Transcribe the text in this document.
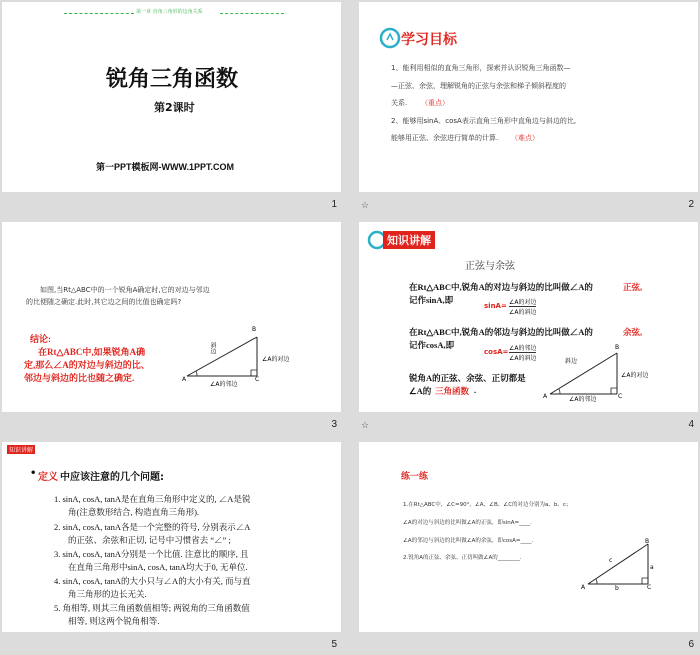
第一章 直角三角形的边角关系
锐角三角函数
第2课时
第一PPT模板网-WWW.1PPT.COM
1
学习目标
1、能利用相似的直角三角形，探索并认识锐角三角函数—
—正弦、余弦，理解锐角的正弦与余弦和梯子倾斜程度的
关系. （重点）
2、能够用sinA、cosA表示直角三角形中直角边与斜边的比,
能够用正弦、余弦进行简单的计算. （难点）
☆	2
如图,当Rt△ABC中的一个锐角A确定时,它的对边与邻边
的比便随之确定.此时,其它边之间的比值也确定吗?
结论:
在Rt△ABC中,如果锐角A确
定,那么∠A的对边与斜边的比、
邻边与斜边的比也随之确定.
B
A	C
斜边
∠A的对边
∠A的邻边
3
知识讲解
正弦与余弦
在Rt△ABC中,锐角A的对边与斜边的比叫做∠A的	正弦,
记作sinA,即
sinA= ∠A的对边
∠A的斜边
在Rt△ABC中,锐角A的邻边与斜边的比叫做∠A的	余弦,
记作cosA,即
cosA= ∠A的邻边
∠A的斜边
锐角A的正弦、余弦、正切都是
∠A的 三角函数 .
B
A	C
斜边
∠A的对边
∠A的邻边
☆	4
知识讲解
• 定义 中应该注意的几个问题:
1. sinA, cosA, tanA是在直角三角形中定义的, ∠A是锐
角(注意数形结合, 构造直角三角形).
2. sinA, cosA, tanA各是一个完整的符号, 分别表示∠A
的正弦、余弦和正切, 记号中习惯省去 “∠” ;
3. sinA, cosA, tanA分别是一个比值. 注意比的顺序, 且
在直角三角形中sinA, cosA, tanA均大于0, 无单位.
4. sinA, cosA, tanA的大小只与∠A的大小有关, 而与直
角三角形的边长无关.
5. 角相等, 则其三角函数值相等; 两锐角的三角函数值
相等, 则这两个锐角相等.
5
练一练
1.在Rt△ABC中，∠C=90°，∠A、∠B、∠C的对边分别为a、b、c；
∠A的对边与斜边的比叫做∠A的正弦，即sinA=____.
∠A的邻边与斜边的比叫做∠A的余弦，即cosA=____.
2.锐角A的正弦、余弦、正切叫做∠A的________.
B
A	C
a
b
c
6
